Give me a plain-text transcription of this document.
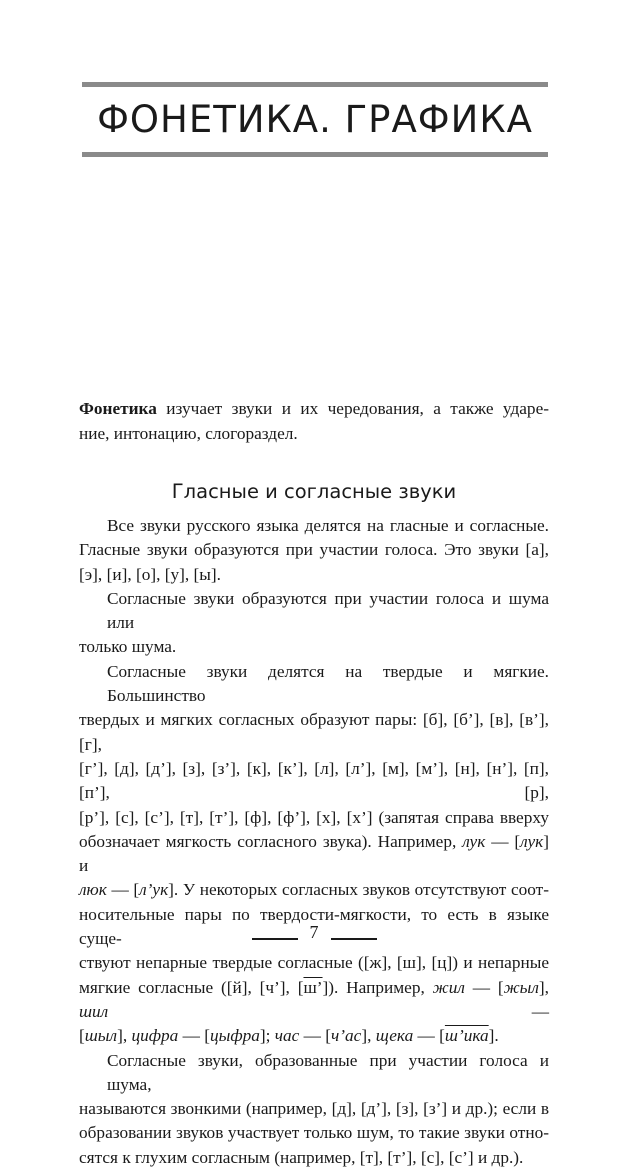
ФОНЕТИКА. ГРАФИКА

Фонетика изучает звуки и их чередования, а также ударе-
ние, интонацию, слогораздел.

Гласные и согласные звуки
Все звуки русского языка делятся на гласные и согласные.
Гласные звуки образуются при участии голоса. Это звуки [а],
[э], [и], [о], [у], [ы].
Согласные звуки образуются при участии голоса и шума или
только шума.
Согласные звуки делятся на твердые и мягкие. Большинство
твердых и мягких согласных образуют пары: [б], [б’], [в], [в’], [г],
[г’], [д], [д’], [з], [з’], [к], [к’], [л], [л’], [м], [м’], [н], [н’], [п], [п’], [р],
[р’], [с], [с’], [т], [т’], [ф], [ф’], [х], [х’] (запятая справа вверху
обозначает мягкость согласного звука). Например, лук — [лук] и
люк — [л’ук]. У некоторых согласных звуков отсутствуют соот-
носительные пары по твердости-мягкости, то есть в языке суще-
ствуют непарные твердые согласные ([ж], [ш], [ц]) и непарные
мягкие согласные ([й], [ч’], [ш’]). Например, жил — [жыл], шил —
[шыл], цифра — [цыфра]; час — [ч’ас], щека — [ш’ика].
Согласные звуки, образованные при участии голоса и шума,
называются звонкими (например, [д], [д’], [з], [з’] и др.); если в
образовании звуков участвует только шум, то такие звуки отно-
сятся к глухим согласным (например, [т], [т’], [с], [с’] и др.).
7
